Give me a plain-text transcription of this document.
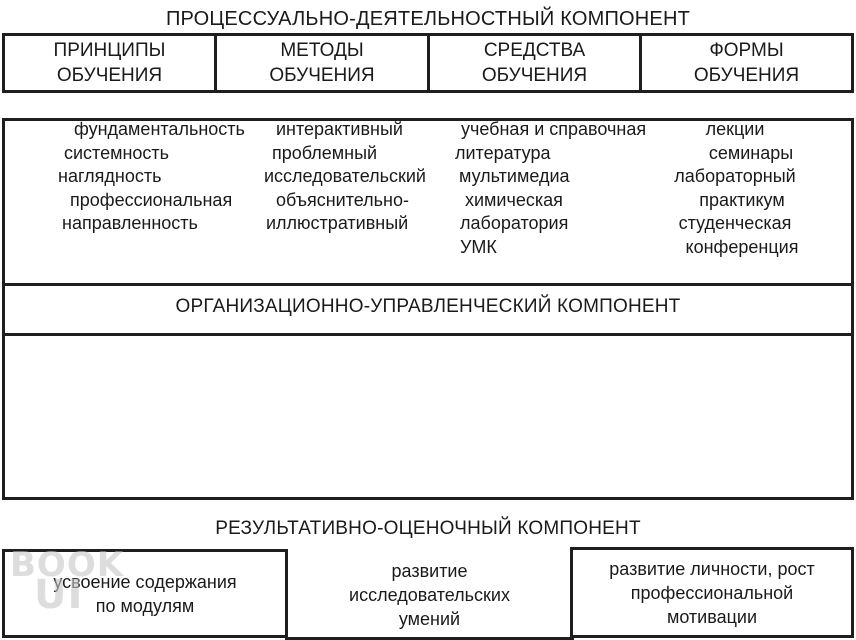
ПРОЦЕССУАЛЬНО-ДЕЯТЕЛЬНОСТНЫЙ КОМПОНЕНТ
ПРИНЦИПЫ
ОБУЧЕНИЯ
МЕТОДЫ
ОБУЧЕНИЯ
СРЕДСТВА
ОБУЧЕНИЯ
ФОРМЫ
ОБУЧЕНИЯ
фундаментальность
системность
наглядность
профессиональная
направленность
интерактивный
проблемный
исследовательский
объяснительно-
иллюстративный
учебная и справочная
литература
мультимедиа
химическая
лаборатория
УМК
лекции
семинары
лабораторный
практикум
студенческая
конференция
ОРГАНИЗАЦИОННО-УПРАВЛЕНЧЕСКИЙ КОМПОНЕНТ
РЕЗУЛЬТАТИВНО-ОЦЕНОЧНЫЙ КОМПОНЕНТ
усвоение содержания
по модулям
развитие
исследовательских
умений
развитие личности, рост
профессиональной
мотивации
BOOK
UI
